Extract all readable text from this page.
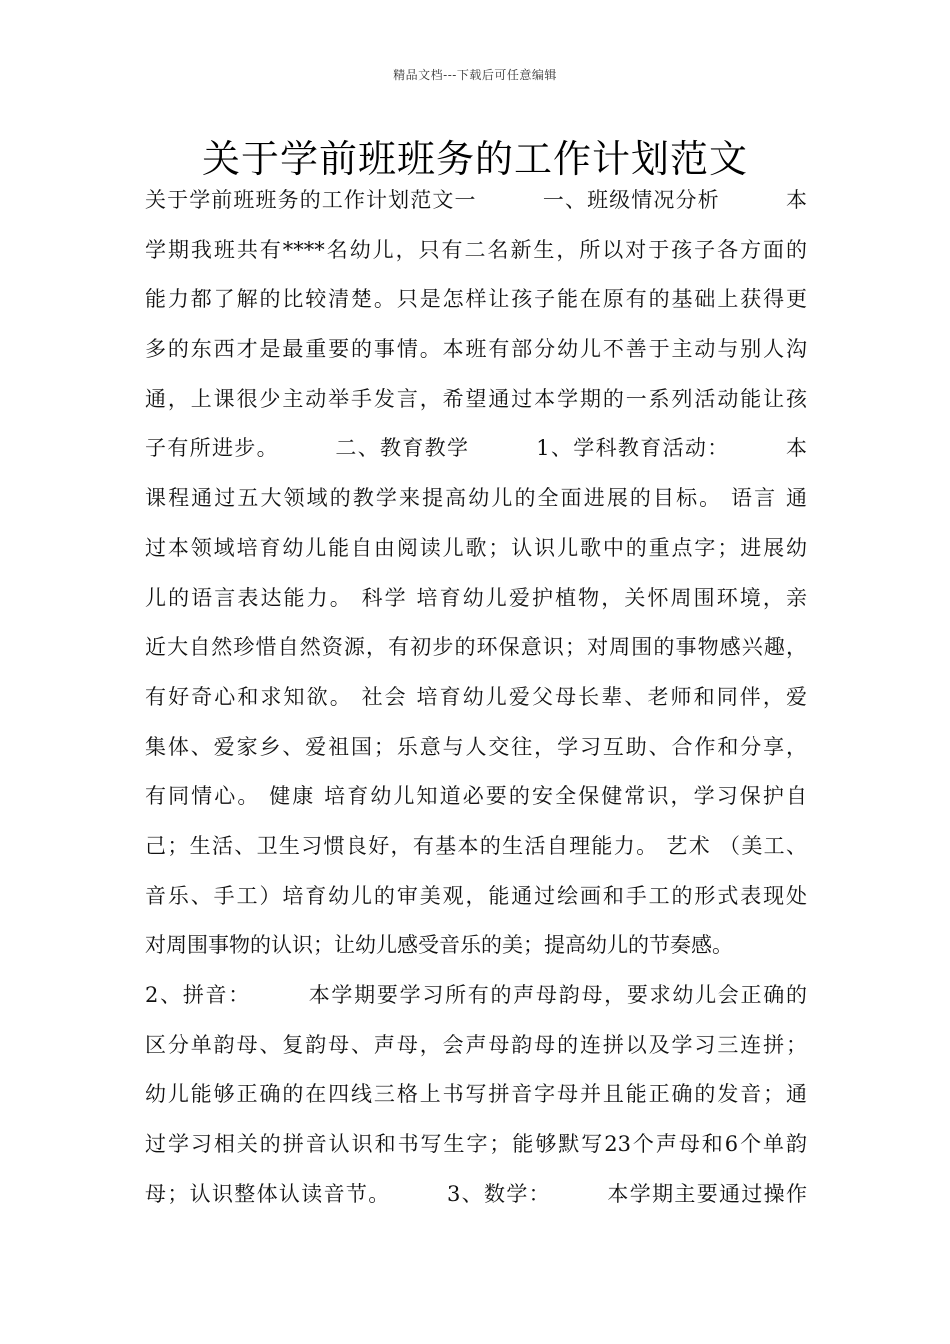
精品文档---下载后可任意编辑
关于学前班班务的工作计划范文
关于学前班班务的工作计划范文一　　　一、班级情况分析　　　本
学期我班共有****名幼儿，只有二名新生，所以对于孩子各方面的
能力都了解的比较清楚。只是怎样让孩子能在原有的基础上获得更
多的东西才是最重要的事情。本班有部分幼儿不善于主动与别人沟
通，上课很少主动举手发言，希望通过本学期的一系列活动能让孩
子有所进步。　　　二、教育教学　　　1、学科教育活动：　　　本
课程通过五大领域的教学来提高幼儿的全面进展的目标。 语言 通
过本领域培育幼儿能自由阅读儿歌；认识儿歌中的重点字；进展幼
儿的语言表达能力。 科学 培育幼儿爱护植物，关怀周围环境，亲
近大自然珍惜自然资源，有初步的环保意识；对周围的事物感兴趣，
有好奇心和求知欲。 社会 培育幼儿爱父母长辈、老师和同伴，爱
集体、爱家乡、爱祖国；乐意与人交往，学习互助、合作和分享，
有同情心。 健康 培育幼儿知道必要的安全保健常识，学习保护自
己；生活、卫生习惯良好，有基本的生活自理能力。 艺术 （美工、
音乐、手工）培育幼儿的审美观，能通过绘画和手工的形式表现处
对周围事物的认识；让幼儿感受音乐的美；提高幼儿的节奏感。
2、拼音：　　　本学期要学习所有的声母韵母，要求幼儿会正确的
区分单韵母、复韵母、声母，会声母韵母的连拼以及学习三连拼；
幼儿能够正确的在四线三格上书写拼音字母并且能正确的发音；通
过学习相关的拼音认识和书写生字；能够默写23个声母和6个单韵
母；认识整体认读音节。　　　3、数学：　　　本学期主要通过操作
